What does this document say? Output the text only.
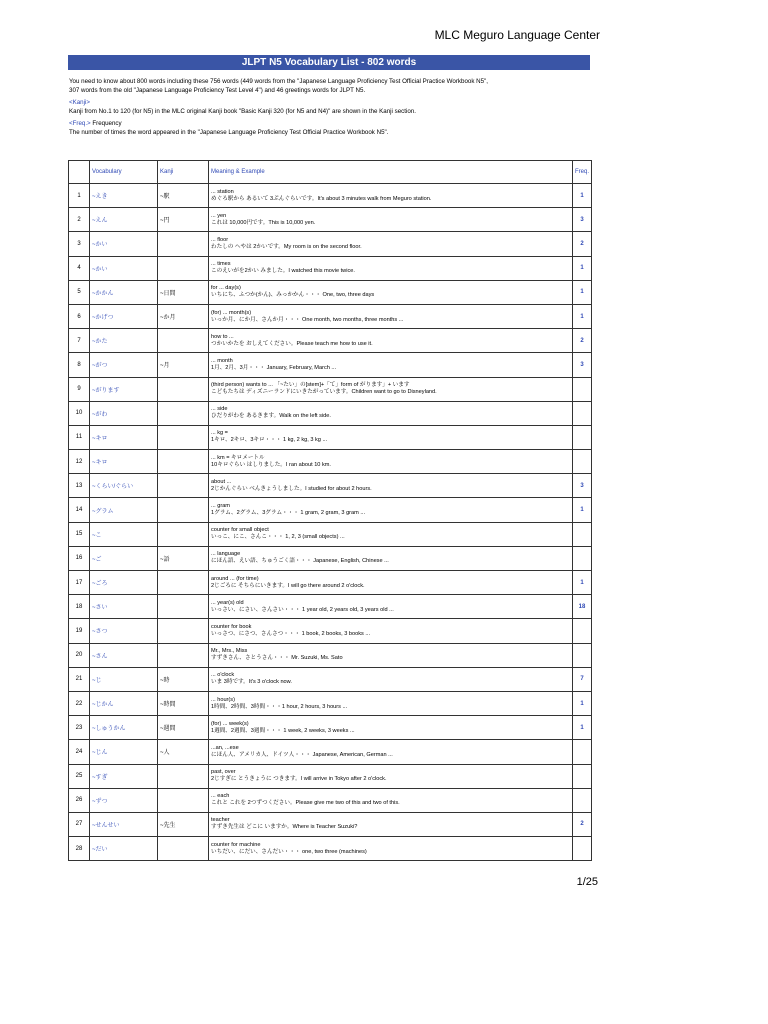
MLC Meguro Language Center
JLPT N5 Vocabulary List - 802 words
You need to know about 800 words including these 756 words (449 words from the "Japanese Language Proficiency Test Official Practice Workbook N5",
307 words from the old "Japanese Language Proficiency Test Level 4") and 46 greetings words for JLPT N5.
<Kanji>
Kanji from No.1 to 120 (for N5) in the MLC original Kanji book "Basic Kanji 320 (for N5 and N4)" are shown in the Kanji section.
<Freq.> Frequency
The number of times the word appeared in the "Japanese Language Proficiency Test Official Practice Workbook N5".
	Vocabulary	Kanji	Meaning & Example	Freq.
1	~えき	~駅	... station
めぐろ駅から あるいて 3ぷんぐらいです。It's about 3 minutes walk from Meguro station.	1
2	~えん	~円	... yen
これは 10,000円です。This is 10,000 yen.	3
3	~かい		... floor
わたしの へやは 2かいです。My room is on the second floor.	2
4	~かい		... times
このえいがを2かい みました。I watched this movie twice.	1
5	~かかん	~日間	for ... day(s)
いちにち、ふつか(かん)、みっかかん・・・ One, two, three days	1
6	~かげつ	~か月	(for) ... month(s)
いっか月、にか月、さんか月・・・ One month, two months, three months ...	1
7	~かた		how to ...
つかいかたを おしえてください。Please teach me how to use it.	2
8	~がつ	~月	... month
1月、2月、3月・・・ January, February, March ...	3
9	~がります		(third person) wants to ... 「~たい」の[stem]+「て」form of がります」+ います
こどもたちは ディズニーランドにいきたがっています。Children want to go to Disneyland.	

10	~がわ		... side
ひだりがわを あるきます。Walk on the left side.	

11	~キロ		... kg =
1キロ、2キロ、3キロ・・・ 1 kg, 2 kg, 3 kg ...	

12	~キロ		... km = キロメートル
10キロぐらい はしりました。I ran about 10 km.	

13	~くらい/ぐらい		about ...
2じかんぐらい べんきょうしました。I studied for about 2 hours.	3
14	~グラム		... gram
1グラム、2グラム、3グラム・・・ 1 gram, 2 gram, 3 gram ...	1
15	~こ		counter for small object
いっこ、にこ、さんこ・・・ 1, 2, 3 (small objects) ...	

16	~ご	~語	... language
にほん語、えい語、ちゅうごく語・・・ Japanese, English, Chinese ...	

17	~ごろ		around ... (for time)
2じごろに そちらにいきます。I will go there around 2 o'clock.	1
18	~さい		... year(s) old
いっさい、にさい、さんさい・・・ 1 year old, 2 years old, 3 years old ...	18
19	~さつ		counter for book
いっさつ、にさつ、さんさつ・・・ 1 book, 2 books, 3 books ...	

20	~さん		Mr., Mrs., Miss
すずきさん、さとうさん・・・ Mr. Suzuki, Ms. Sato	

21	~じ	~時	... o'clock
いま 3時です。It's 3 o'clock now.	7
22	~じかん	~時間	... hour(s)
1時間、2時間、3時間・・・1 hour, 2 hours, 3 hours ...	1
23	~しゅうかん	~週間	(for) ... week(s)
1週間、2週間、3週間・・・ 1 week, 2 weeks, 3 weeks ...	1
24	~じん	~人	...an, ...ese
にほん人、アメリカ人、ドイツ人・・・ Japanese, American, German ...	

25	~すぎ		past, over
2じすぎに とうきょうに つきます。I will arrive in Tokyo after 2 o'clock.	

26	~ずつ		... each
これと これを 2つずつください。Please give me two of this and two of this.	

27	~せんせい	~先生	teacher
すずき先生は どこに いますか。Where is Teacher Suzuki?	2
28	~だい		counter for machine
いちだい、にだい、さんだい・・・ one, two three (machines)	

1/25
